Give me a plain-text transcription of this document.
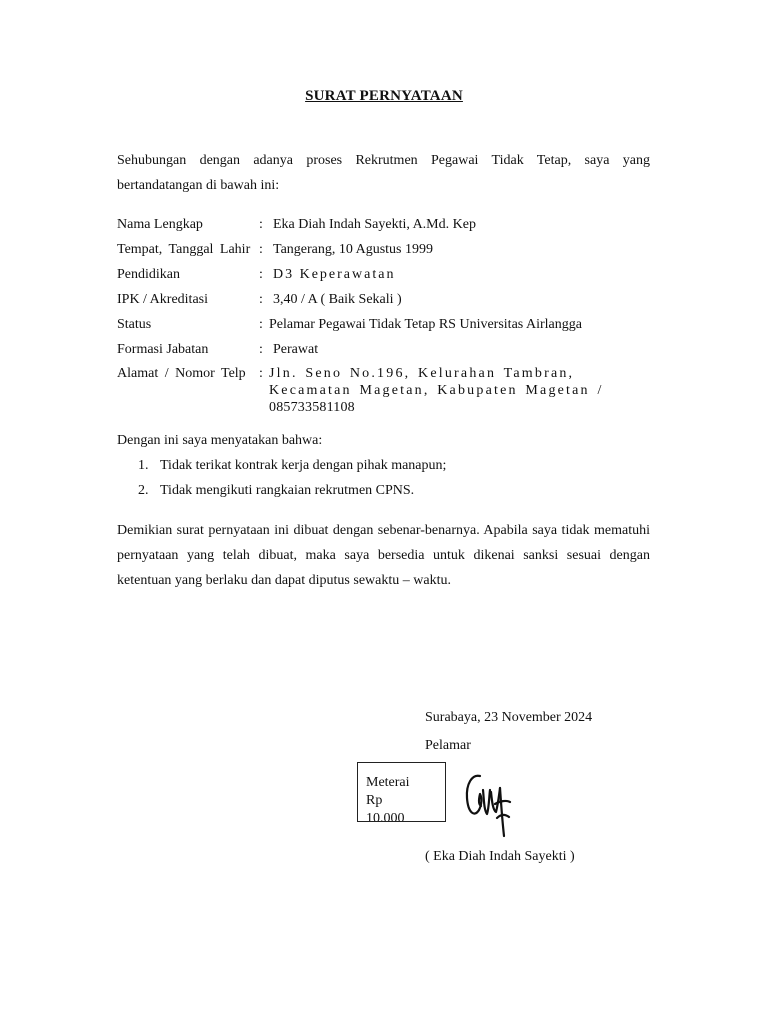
SURAT PERNYATAAN
Sehubungan dengan adanya proses Rekrutmen Pegawai Tidak Tetap, saya yang bertandatangan di bawah ini:
Nama Lengkap	: Eka Diah Indah Sayekti, A.Md. Kep
Tempat, Tanggal Lahir : Tangerang, 10 Agustus 1999
Pendidikan	: D3 Keperawatan
IPK / Akreditasi	: 3,40 / A ( Baik Sekali )
Status	: Pelamar Pegawai Tidak Tetap RS Universitas Airlangga
Formasi Jabatan	: Perawat
Alamat / Nomor Telp : Jln. Seno No.196, Kelurahan Tambran, Kecamatan Magetan, Kabupaten Magetan / 085733581108
Dengan ini saya menyatakan bahwa:
1. Tidak terikat kontrak kerja dengan pihak manapun;
2. Tidak mengikuti rangkaian rekrutmen CPNS.
Demikian surat pernyataan ini dibuat dengan sebenar-benarnya. Apabila saya tidak mematuhi pernyataan yang telah dibuat, maka saya bersedia untuk dikenai sanksi sesuai dengan ketentuan yang berlaku dan dapat diputus sewaktu – waktu.
Surabaya, 23 November 2024
Pelamar
Meterai
Rp
10.000
( Eka Diah Indah Sayekti )
